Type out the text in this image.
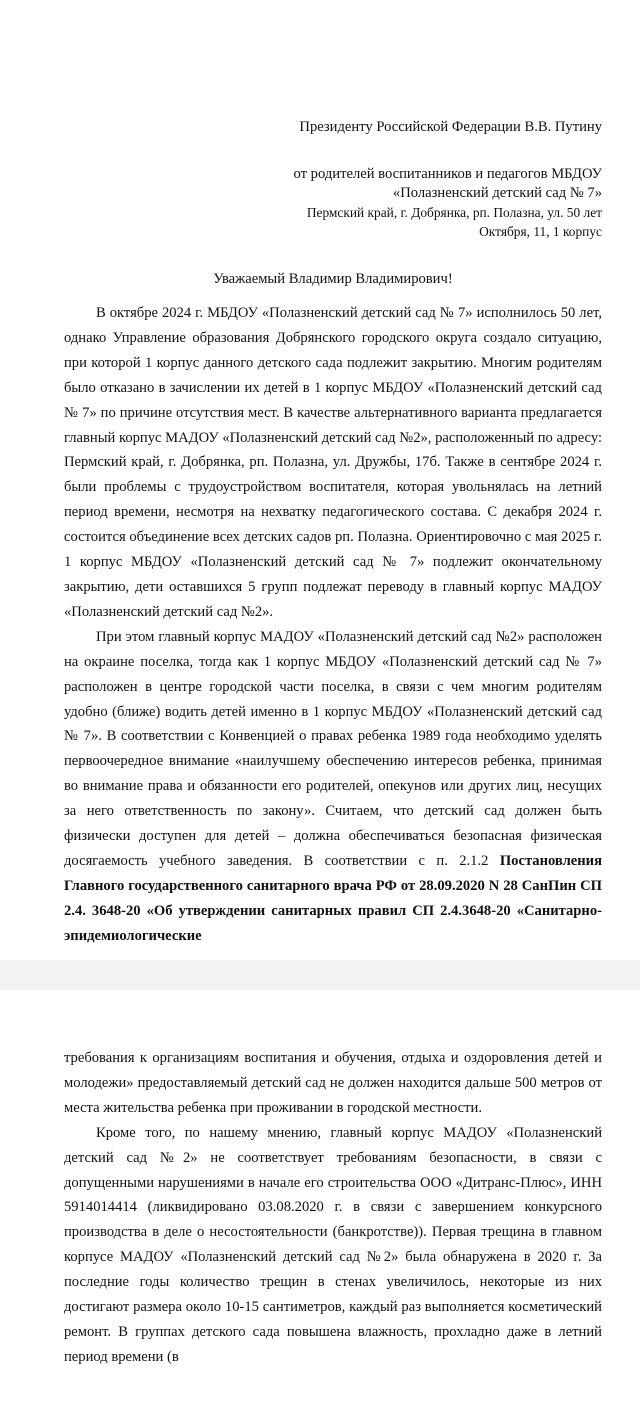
Президенту Российской Федерации В.В. Путину
от родителей воспитанников и педагогов МБДОУ
«Полазненский детский сад № 7»
Пермский край, г. Добрянка, рп. Полазна, ул. 50 лет
Октября, 11, 1 корпус
Уважаемый Владимир Владимирович!

В октябре 2024 г. МБДОУ «Полазненский детский сад № 7» исполнилось 50 лет, однако Управление образования Добрянского городского округа создало ситуацию, при которой 1 корпус данного детского сада подлежит закрытию. Многим родителям было отказано в зачислении их детей в 1 корпус МБДОУ «Полазненский детский сад № 7» по причине отсутствия мест. В качестве альтернативного варианта предлагается главный корпус МАДОУ «Полазненский детский сад №2», расположенный по адресу: Пермский край, г. Добрянка, рп. Полазна, ул. Дружбы, 17б. Также в сентябре 2024 г. были проблемы с трудоустройством воспитателя, которая увольнялась на летний период времени, несмотря на нехватку педагогического состава. С декабря 2024 г. состоится объединение всех детских садов рп. Полазна. Ориентировочно с мая 2025 г. 1 корпус МБДОУ «Полазненский детский сад № 7» подлежит окончательному закрытию, дети оставшихся 5 групп подлежат переводу в главный корпус МАДОУ «Полазненский детский сад №2».

При этом главный корпус МАДОУ «Полазненский детский сад №2» расположен на окраине поселка, тогда как 1 корпус МБДОУ «Полазненский детский сад № 7» расположен в центре городской части поселка, в связи с чем многим родителям удобно (ближе) водить детей именно в 1 корпус МБДОУ «Полазненский детский сад № 7». В соответствии с Конвенцией о правах ребенка 1989 года необходимо уделять первоочередное внимание «наилучшему обеспечению интересов ребенка, принимая во внимание права и обязанности его родителей, опекунов или других лиц, несущих за него ответственность по закону». Считаем, что детский сад должен быть физически доступен для детей – должна обеспечиваться безопасная физическая досягаемость учебного заведения. В соответствии с п. 2.1.2 Постановления Главного государственного санитарного врача РФ от 28.09.2020 N 28 СанПин СП 2.4. 3648-20 «Об утверждении санитарных правил СП 2.4.3648-20 «Санитарно-эпидемиологические

требования к организациям воспитания и обучения, отдыха и оздоровления детей и молодежи» предоставляемый детский сад не должен находится дальше 500 метров от места жительства ребенка при проживании в городской местности.

Кроме того, по нашему мнению, главный корпус МАДОУ «Полазненский детский сад №2» не соответствует требованиям безопасности, в связи с допущенными нарушениями в начале его строительства ООО «Дитранс-Плюс», ИНН 5914014414 (ликвидировано 03.08.2020 г. в связи с завершением конкурсного производства в деле о несостоятельности (банкротстве)). Первая трещина в главном корпусе МАДОУ «Полазненский детский сад №2» была обнаружена в 2020 г. За последние годы количество трещин в стенах увеличилось, некоторые из них достигают размера около 10-15 сантиметров, каждый раз выполняется косметический ремонт. В группах детского сада повышена влажность, прохладно даже в летний период времени (в
